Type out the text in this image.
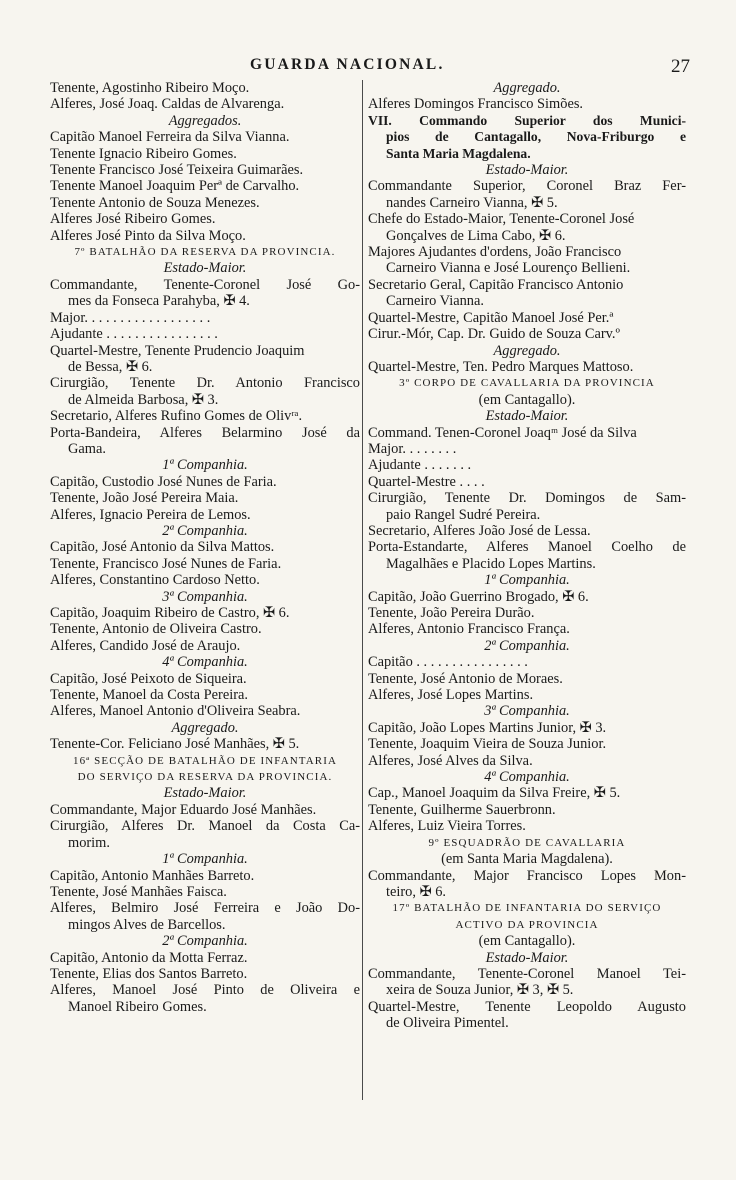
GUARDA NACIONAL.	27
Tenente, Agostinho Ribeiro Moço.
Alferes, José Joaq. Caldas de Alvarenga.
Aggregados.
Capitão Manoel Ferreira da Silva Vianna.
Tenente Ignacio Ribeiro Gomes.
Tenente Francisco José Teixeira Guimarães.
Tenente Manoel Joaquim Perª de Carvalho.
Tenente Antonio de Souza Menezes.
Alferes José Ribeiro Gomes.
Alferes José Pinto da Silva Moço.
7º BATALHÃO DA RESERVA DA PROVINCIA.
Estado-Maior.
Commandante, Tenente-Coronel José Go-
mes da Fonseca Parahyba, ✠ 4.
Major. . . . . . . . . . . . . . . . . .
Ajudante . . . . . . . . . . . . . . . .
Quartel-Mestre, Tenente Prudencio Joaquim
de Bessa, ✠ 6.
Cirurgião, Tenente Dr. Antonio Francisco
de Almeida Barbosa, ✠ 3.
Secretario, Alferes Rufino Gomes de Olivʳᵃ.
Porta-Bandeira, Alferes Belarmino José da
Gama.
1ª Companhia.
Capitão, Custodio José Nunes de Faria.
Tenente, João José Pereira Maia.
Alferes, Ignacio Pereira de Lemos.
2ª Companhia.
Capitão, José Antonio da Silva Mattos.
Tenente, Francisco José Nunes de Faria.
Alferes, Constantino Cardoso Netto.
3ª Companhia.
Capitão, Joaquim Ribeiro de Castro, ✠ 6.
Tenente, Antonio de Oliveira Castro.
Alferes, Candido José de Araujo.
4ª Companhia.
Capitão, José Peixoto de Siqueira.
Tenente, Manoel da Costa Pereira.
Alferes, Manoel Antonio d'Oliveira Seabra.
Aggregado.
Tenente-Cor. Feliciano José Manhães, ✠ 5.
16ª SECÇÃO DE BATALHÃO DE INFANTARIA
DO SERVIÇO DA RESERVA DA PROVINCIA.
Estado-Maior.
Commandante, Major Eduardo José Manhães.
Cirurgião, Alferes Dr. Manoel da Costa Ca-
morim.
1ª Companhia.
Capitão, Antonio Manhães Barreto.
Tenente, José Manhães Faisca.
Alferes, Belmiro José Ferreira e João Do-
mingos Alves de Barcellos.
2ª Companhia.
Capitão, Antonio da Motta Ferraz.
Tenente, Elias dos Santos Barreto.
Alferes, Manoel José Pinto de Oliveira e
Manoel Ribeiro Gomes.
Aggregado.
Alferes Domingos Francisco Simões.
VII. Commando Superior dos Munici-
pios de Cantagallo, Nova-Friburgo e
Santa Maria Magdalena.
Estado-Maior.
Commandante Superior, Coronel Braz Fer-
nandes Carneiro Vianna, ✠ 5.
Chefe do Estado-Maior, Tenente-Coronel José
Gonçalves de Lima Cabo, ✠ 6.
Majores Ajudantes d'ordens, João Francisco
Carneiro Vianna e José Lourenço Bellieni.
Secretario Geral, Capitão Francisco Antonio
Carneiro Vianna.
Quartel-Mestre, Capitão Manoel José Per.ª
Cirur.-Mór, Cap. Dr. Guido de Souza Carv.º
Aggregado.
Quartel-Mestre, Ten. Pedro Marques Mattoso.
3º CORPO DE CAVALLARIA DA PROVINCIA
(em Cantagallo).
Estado-Maior.
Command. Tenen-Coronel Joaqᵐ José da Silva
Major. . . . . . . .
Ajudante . . . . . . .
Quartel-Mestre . . . .
Cirurgião, Tenente Dr. Domingos de Sam-
paio Rangel Sudré Pereira.
Secretario, Alferes João José de Lessa.
Porta-Estandarte, Alferes Manoel Coelho de
Magalhães e Placido Lopes Martins.
1ª Companhia.
Capitão, João Guerrino Brogado, ✠ 6.
Tenente, João Pereira Durão.
Alferes, Antonio Francisco França.
2ª Companhia.
Capitão . . . . . . . . . . . . . . . .
Tenente, José Antonio de Moraes.
Alferes, José Lopes Martins.
3ª Companhia.
Capitão, João Lopes Martins Junior, ✠ 3.
Tenente, Joaquim Vieira de Souza Junior.
Alferes, José Alves da Silva.
4ª Companhia.
Cap., Manoel Joaquim da Silva Freire, ✠ 5.
Tenente, Guilherme Sauerbronn.
Alferes, Luiz Vieira Torres.
9º ESQUADRÃO DE CAVALLARIA
(em Santa Maria Magdalena).
Commandante, Major Francisco Lopes Mon-
teiro, ✠ 6.
17º BATALHÃO DE INFANTARIA DO SERVIÇO
ACTIVO DA PROVINCIA
(em Cantagallo).
Estado-Maior.
Commandante, Tenente-Coronel Manoel Tei-
xeira de Souza Junior, ✠ 3, ✠ 5.
Quartel-Mestre, Tenente Leopoldo Augusto
de Oliveira Pimentel.
